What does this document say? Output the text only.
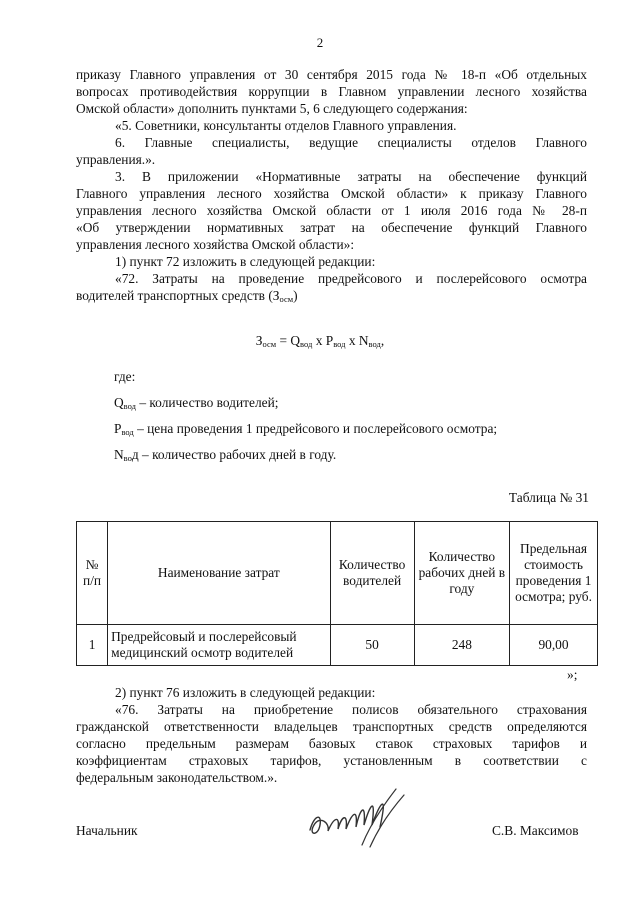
2
приказу Главного управления от 30 сентября 2015 года № 18-п «Об отдельных
вопросах противодействия коррупции в Главном управлении лесного хозяйства
Омской области» дополнить пунктами 5, 6 следующего содержания:
«5. Советники, консультанты отделов Главного управления.
6. Главные специалисты, ведущие специалисты отделов Главного
управления.».
3. В приложении «Нормативные затраты на обеспечение функций
Главного управления лесного хозяйства Омской области» к приказу Главного
управления лесного хозяйства Омской области от 1 июля 2016 года № 28-п
«Об утверждении нормативных затрат на обеспечение функций Главного
управления лесного хозяйства Омской области»:
1) пункт 72 изложить в следующей редакции:
«72. Затраты на проведение предрейсового и послерейсового осмотра
водителей транспортных средств $(З_{осм})$
$З_{осм} = Q_{вод}$ x $P_{вод}$ x $N_{вод}$,
где:
$Q_{вод}$ – количество водителей;
$P_{вод}$ – цена проведения 1 предрейсового и послерейсового осмотра;
$N_{во}д$ – количество рабочих дней в году.
Таблица № 31
№ п/п	Наименование затрат	Количество водителей	Количество рабочих дней в году	Предельная стоимость проведения 1 осмотра; руб.
1	Предрейсовый и послерейсовый медицинский осмотр водителей	50	248	90,00
»;
2) пункт 76 изложить в следующей редакции:
«76. Затраты на приобретение полисов обязательного страхования
гражданской ответственности владельцев транспортных средств определяются
согласно предельным размерам базовых ставок страховых тарифов и
коэффициентам страховых тарифов, установленным в соответствии с
федеральным законодательством.».
Начальник	С.В. Максимов
